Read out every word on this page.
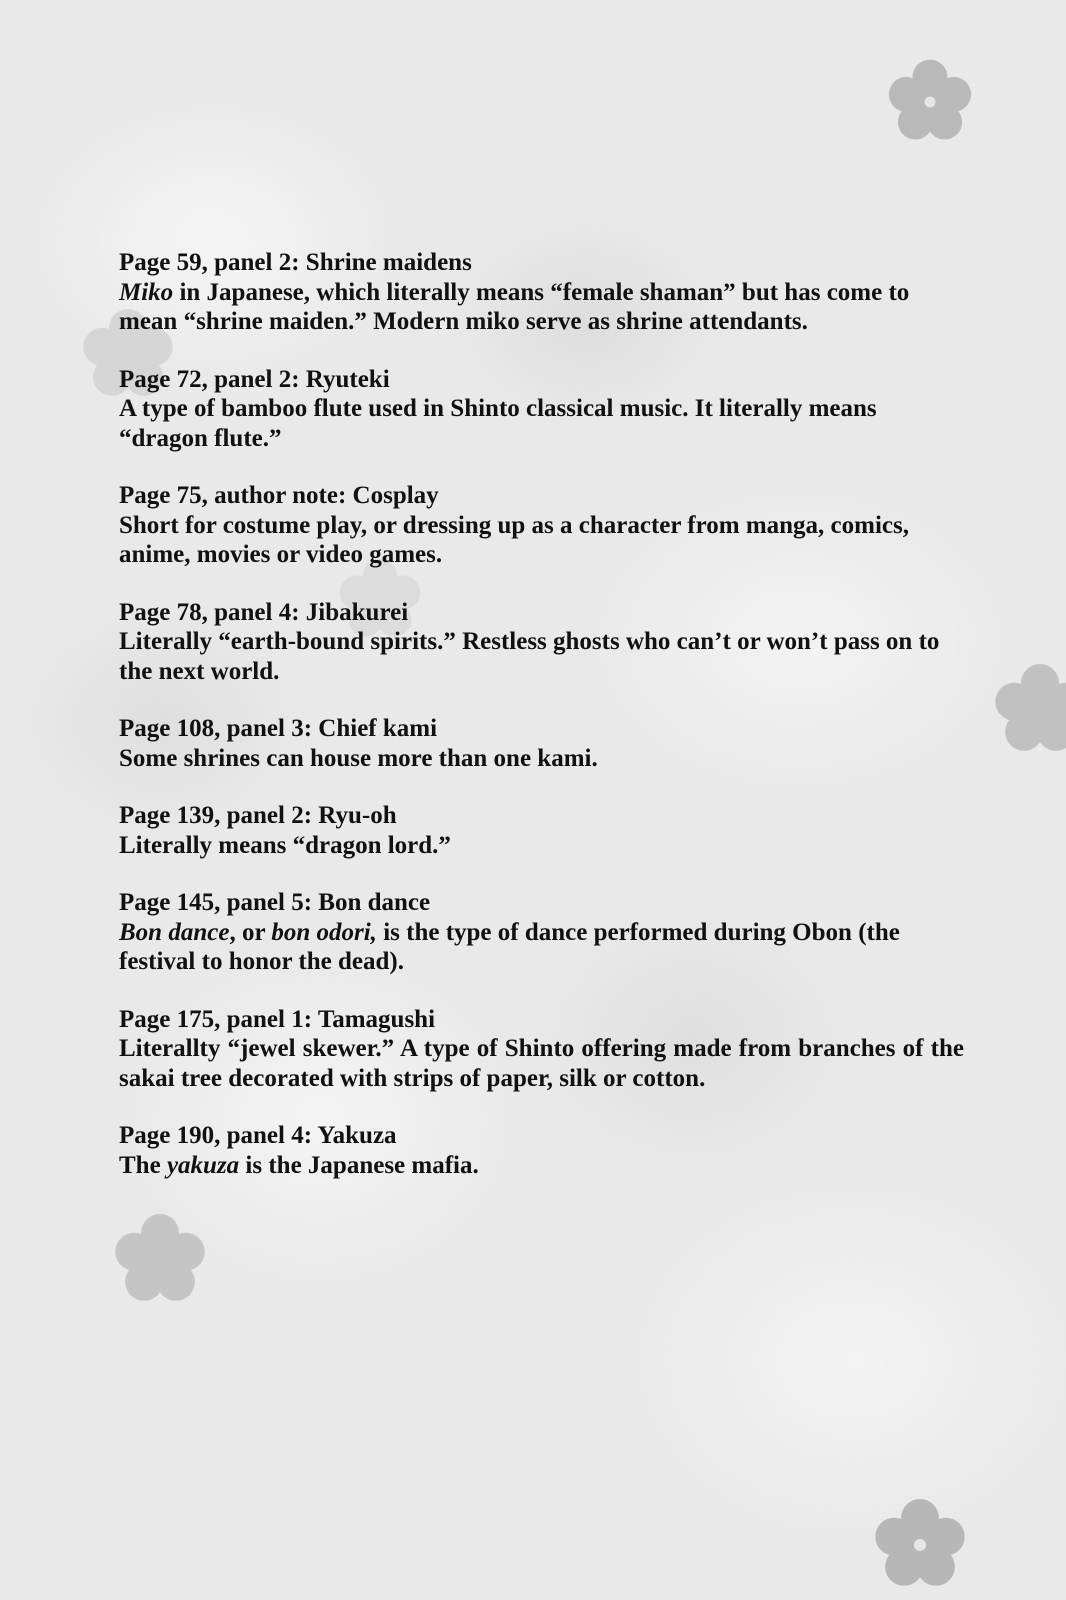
Page 59, panel 2: Shrine maidens

Miko in Japanese, which literally means “female shaman” but has come to mean “shrine maiden.” Modern miko serve as shrine attendants.

Page 72, panel 2: Ryuteki

A type of bamboo flute used in Shinto classical music. It literally means “dragon flute.”

Page 75, author note: Cosplay

Short for costume play, or dressing up as a character from manga, comics, anime, movies or video games.

Page 78, panel 4: Jibakurei

Literally “earth-bound spirits.” Restless ghosts who can’t or won’t pass on to the next world.

Page 108, panel 3: Chief kami

Some shrines can house more than one kami.

Page 139, panel 2: Ryu-oh

Literally means “dragon lord.”

Page 145, panel 5: Bon dance

Bon dance, or bon odori, is the type of dance performed during Obon (the festival to honor the dead).

Page 175, panel 1: Tamagushi

Literallty “jewel skewer.” A type of Shinto offering made from branches of the sakai tree decorated with strips of paper, silk or cotton.

Page 190, panel 4: Yakuza

The yakuza is the Japanese mafia.
